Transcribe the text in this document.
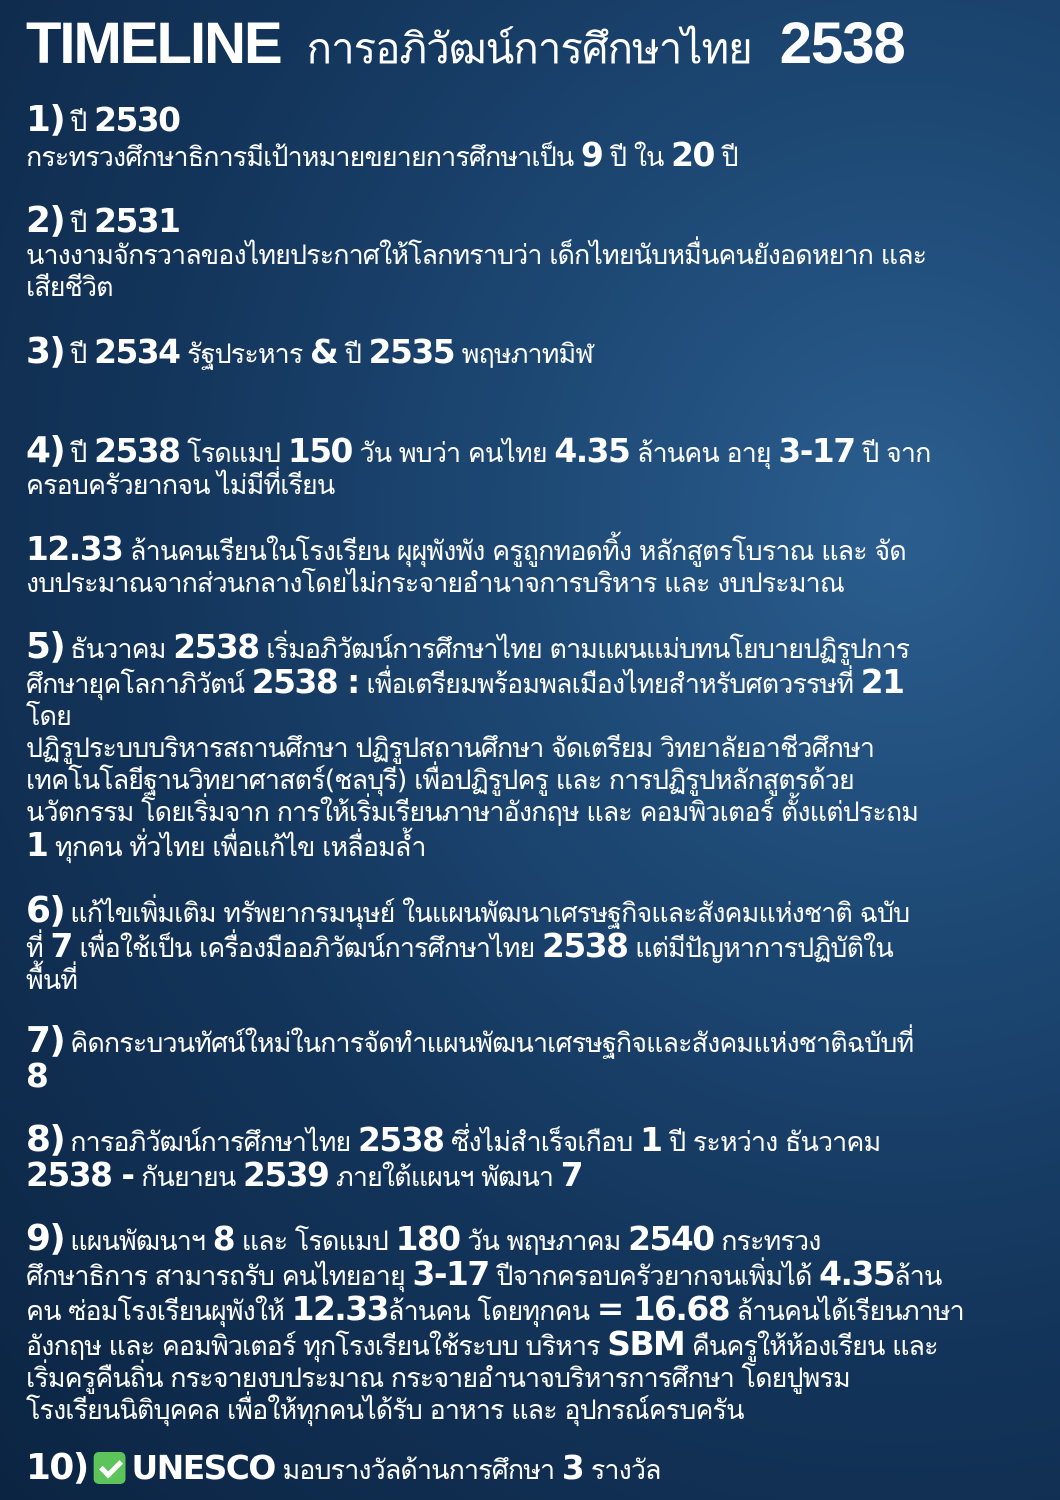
TIMELINE การอภิวัฒน์การศึกษาไทย 2538
1) ปี 2530
กระทรวงศึกษาธิการมีเป้าหมายขยายการศึกษาเป็น 9 ปี ใน 20 ปี
2) ปี 2531
นางงามจักรวาลของไทยประกาศให้โลกทราบว่า เด็กไทยนับหมื่นคนยังอดหยาก และ
เสียชีวิต
3) ปี 2534 รัฐประหาร & ปี 2535 พฤษภาทมิฬ
4) ปี 2538 โรดแมป 150 วัน พบว่า คนไทย 4.35 ล้านคน อายุ 3-17 ปี จาก
ครอบครัวยากจน ไม่มีที่เรียน
12.33 ล้านคนเรียนในโรงเรียน ผุผุพังพัง ครูถูกทอดทิ้ง หลักสูตรโบราณ และ จัด
งบประมาณจากส่วนกลางโดยไม่กระจายอำนาจการบริหาร และ งบประมาณ
5) ธันวาคม 2538 เริ่มอภิวัฒน์การศึกษาไทย ตามแผนแม่บทนโยบายปฏิรูปการ
ศึกษายุคโลกาภิวัตน์ 2538 : เพื่อเตรียมพร้อมพลเมืองไทยสำหรับศตวรรษที่ 21
โดย
ปฏิรูประบบบริหารสถานศึกษา ปฏิรูปสถานศึกษา จัดเตรียม วิทยาลัยอาชีวศึกษา
เทคโนโลยีฐานวิทยาศาสตร์(ชลบุรี) เพื่อปฏิรูปครู และ การปฏิรูปหลักสูตรด้วย
นวัตกรรม โดยเริ่มจาก การให้เริ่มเรียนภาษาอังกฤษ และ คอมพิวเตอร์ ตั้งแต่ประถม
1 ทุกคน ทั่วไทย เพื่อแก้ไข เหลื่อมล้ำ
6) แก้ไขเพิ่มเติม ทรัพยากรมนุษย์ ในแผนพัฒนาเศรษฐกิจและสังคมแห่งชาติ ฉบับ
ที่ 7 เพื่อใช้เป็น เครื่องมืออภิวัฒน์การศึกษาไทย 2538 แต่มีปัญหาการปฏิบัติใน
พื้นที่
7) คิดกระบวนทัศน์ใหม่ในการจัดทำแผนพัฒนาเศรษฐกิจและสังคมแห่งชาติฉบับที่
8
8) การอภิวัฒน์การศึกษาไทย 2538 ซึ่งไม่สำเร็จเกือบ 1 ปี ระหว่าง ธันวาคม
2538 - กันยายน 2539 ภายใต้แผนฯ พัฒนา 7
9) แผนพัฒนาฯ 8 และ โรดแมป 180 วัน พฤษภาคม 2540 กระทรวง
ศึกษาธิการ สามารถรับ คนไทยอายุ 3-17 ปีจากครอบครัวยากจนเพิ่มได้ 4.35ล้าน
คน ซ่อมโรงเรียนผุพังให้ 12.33ล้านคน โดยทุกคน = 16.68 ล้านคนได้เรียนภาษา
อังกฤษ และ คอมพิวเตอร์ ทุกโรงเรียนใช้ระบบ บริหาร SBM คืนครูให้ห้องเรียน และ
เริ่มครูคืนถิ่น กระจายงบประมาณ กระจายอำนาจบริหารการศึกษา โดยปูพรม
โรงเรียนนิติบุคคล เพื่อให้ทุกคนได้รับ อาหาร และ อุปกรณ์ครบครัน
10) UNESCO มอบรางวัลด้านการศึกษา 3 รางวัล
